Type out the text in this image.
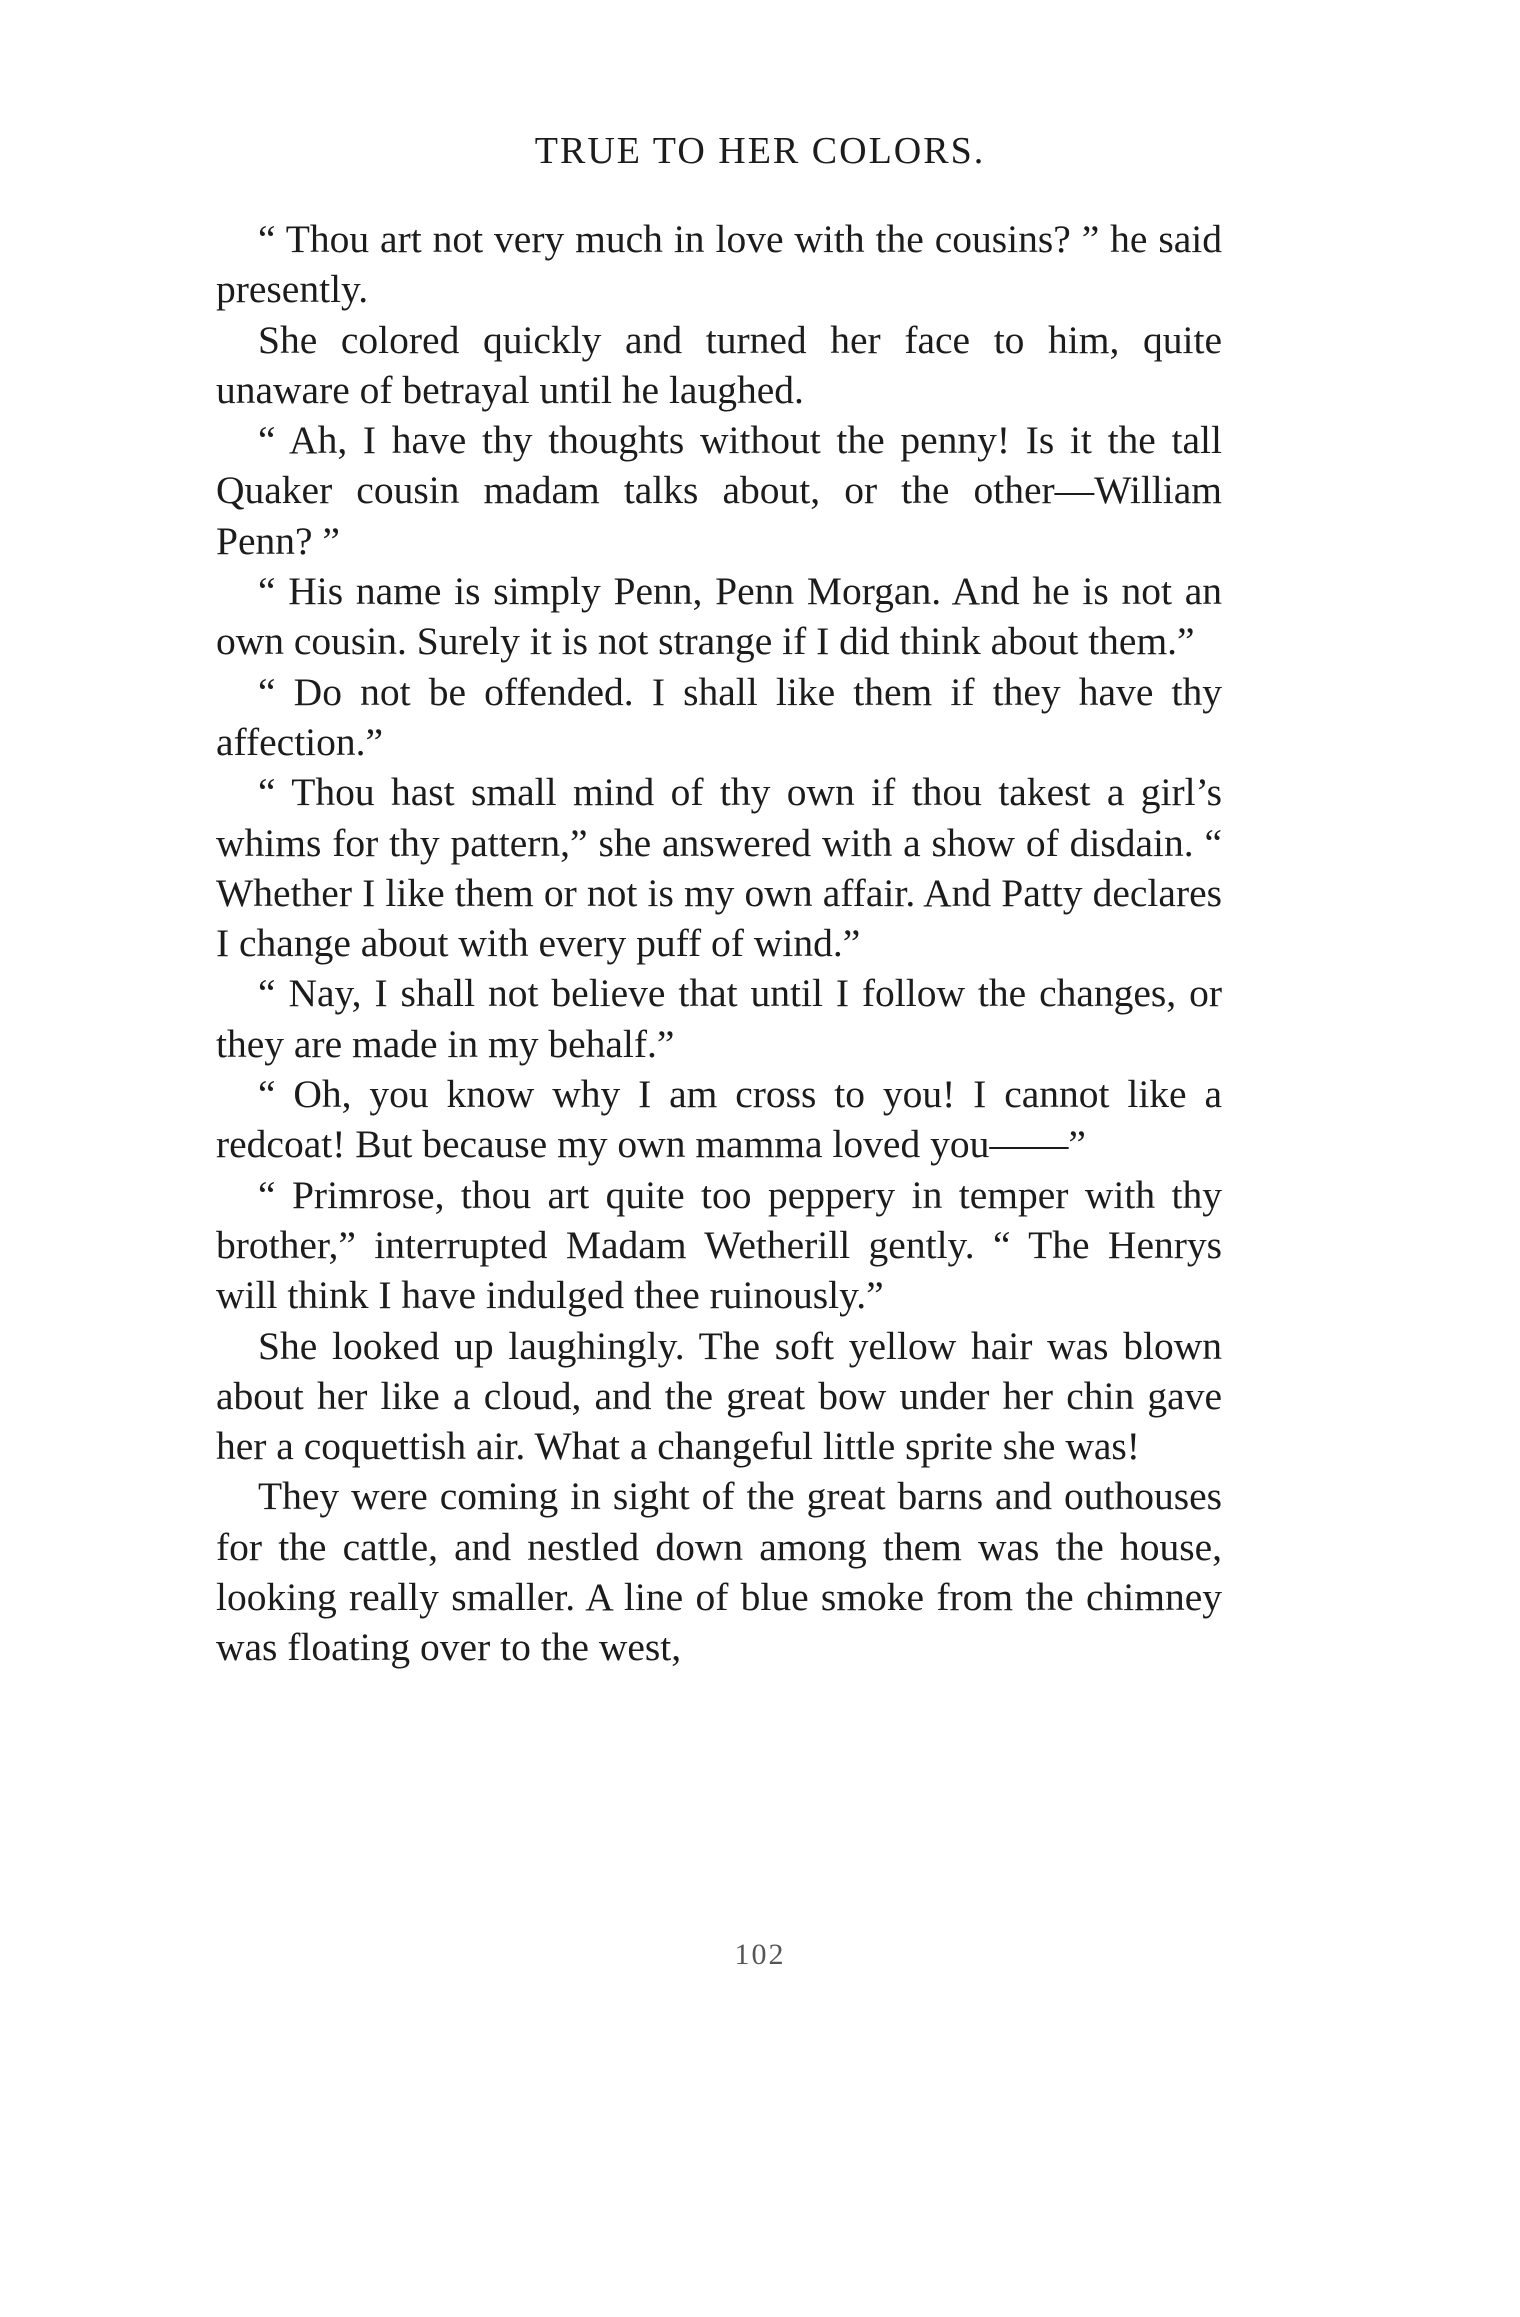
TRUE TO HER COLORS.

“ Thou art not very much in love with the cousins? ” he said presently.

She colored quickly and turned her face to him, quite unaware of betrayal until he laughed.

“ Ah, I have thy thoughts without the penny! Is it the tall Quaker cousin madam talks about, or the other—William Penn? ”

“ His name is simply Penn, Penn Morgan. And he is not an own cousin. Surely it is not strange if I did think about them.”

“ Do not be offended. I shall like them if they have thy affection.”

“ Thou hast small mind of thy own if thou takest a girl’s whims for thy pattern,” she answered with a show of disdain. “ Whether I like them or not is my own affair. And Patty declares I change about with every puff of wind.”

“ Nay, I shall not believe that until I follow the changes, or they are made in my behalf.”

“ Oh, you know why I am cross to you! I cannot like a redcoat! But because my own mamma loved you——”

“ Primrose, thou art quite too peppery in temper with thy brother,” interrupted Madam Wetherill gently. “ The Henrys will think I have indulged thee ruinously.”

She looked up laughingly. The soft yellow hair was blown about her like a cloud, and the great bow under her chin gave her a coquettish air. What a changeful little sprite she was!

They were coming in sight of the great barns and outhouses for the cattle, and nestled down among them was the house, looking really smaller. A line of blue smoke from the chimney was floating over to the west,

102
